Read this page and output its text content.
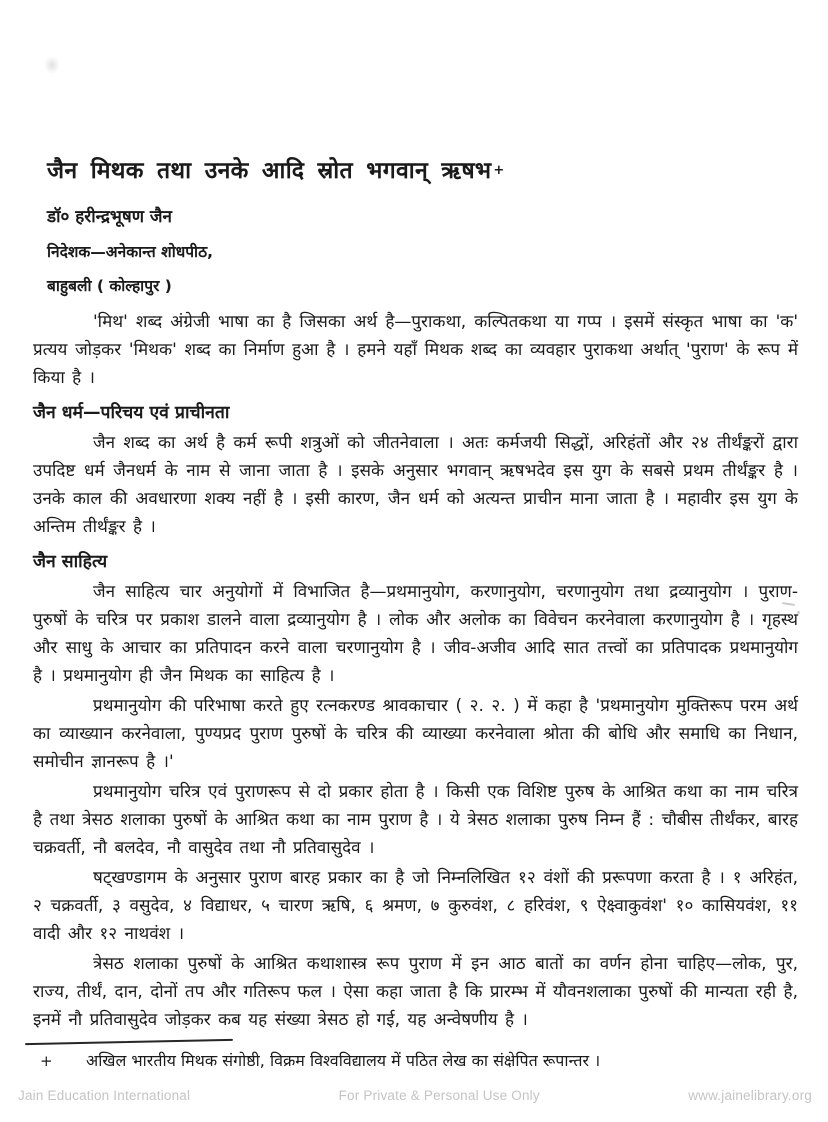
जैन मिथक तथा उनके आदि स्रोत भगवान् ऋषभ +
डॉ० हरीन्द्रभूषण जैन
निदेशक—अनेकान्त शोधपीठ,
बाहुबली ( कोल्हापुर )

'मिथ' शब्द अंग्रेजी भाषा का है जिसका अर्थ है—पुराकथा, कल्पितकथा या गप्प । इसमें संस्कृत भाषा का 'क' प्रत्यय जोड़कर 'मिथक' शब्द का निर्माण हुआ है । हमने यहाँ मिथक शब्द का व्यवहार पुराकथा अर्थात् 'पुराण' के रूप में किया है ।

जैन धर्म—परिचय एवं प्राचीनता

जैन शब्द का अर्थ है कर्म रूपी शत्रुओं को जीतनेवाला । अतः कर्मजयी सिद्धों, अरिहंतों और २४ तीर्थंङ्करों द्वारा उपदिष्ट धर्म जैनधर्म के नाम से जाना जाता है । इसके अनुसार भगवान् ऋषभदेव इस युग के सबसे प्रथम तीर्थंङ्कर है । उनके काल की अवधारणा शक्य नहीं है । इसी कारण, जैन धर्म को अत्यन्त प्राचीन माना जाता है । महावीर इस युग के अन्तिम तीर्थंङ्कर है ।

जैन साहित्य

जैन साहित्य चार अनुयोगों में विभाजित है—प्रथमानुयोग, करणानुयोग, चरणानुयोग तथा द्रव्यानुयोग । पुराण-पुरुषों के चरित्र पर प्रकाश डालने वाला द्रव्यानुयोग है । लोक और अलोक का विवेचन करनेवाला करणानुयोग है । गृहस्थ और साधु के आचार का प्रतिपादन करने वाला चरणानुयोग है । जीव-अजीव आदि सात तत्त्वों का प्रतिपादक प्रथमानुयोग है । प्रथमानुयोग ही जैन मिथक का साहित्य है ।

प्रथमानुयोग की परिभाषा करते हुए रत्नकरण्ड श्रावकाचार ( २. २. ) में कहा है 'प्रथमानुयोग मुक्तिरूप परम अर्थ का व्याख्यान करनेवाला, पुण्यप्रद पुराण पुरुषों के चरित्र की व्याख्या करनेवाला श्रोता की बोधि और समाधि का निधान, समोचीन ज्ञानरूप है ।'

प्रथमानुयोग चरित्र एवं पुराणरूप से दो प्रकार होता है । किसी एक विशिष्ट पुरुष के आश्रित कथा का नाम चरित्र है तथा त्रेसठ शलाका पुरुषों के आश्रित कथा का नाम पुराण है । ये त्रेसठ शलाका पुरुष निम्न हैं : चौबीस तीर्थंकर, बारह चक्रवर्ती, नौ बलदेव, नौ वासुदेव तथा नौ प्रतिवासुदेव ।

षट्खण्डागम के अनुसार पुराण बारह प्रकार का है जो निम्नलिखित १२ वंशों की प्ररूपणा करता है । १ अरिहंत, २ चक्रवर्ती, ३ वसुदेव, ४ विद्याधर, ५ चारण ऋषि, ६ श्रमण, ७ कुरुवंश, ८ हरिवंश, ९ ऐक्ष्वाकुवंश' १० कासियवंश, ११ वादी और १२ नाथवंश ।

त्रेसठ शलाका पुरुषों के आश्रित कथाशास्त्र रूप पुराण में इन आठ बातों का वर्णन होना चाहिए—लोक, पुर, राज्य, तीर्थं, दान, दोनों तप और गतिरूप फल । ऐसा कहा जाता है कि प्रारम्भ में यौवनशलाका पुरुषों की मान्यता रही है, इनमें नौ प्रतिवासुदेव जोड़कर कब यह संख्या त्रेसठ हो गई, यह अन्वेषणीय है ।

+	अखिल भारतीय मिथक संगोष्ठी, विक्रम विश्वविद्यालय में पठित लेख का संक्षेपित रूपान्तर ।
Jain Education International	For Private & Personal Use Only	www.jainelibrary.org
